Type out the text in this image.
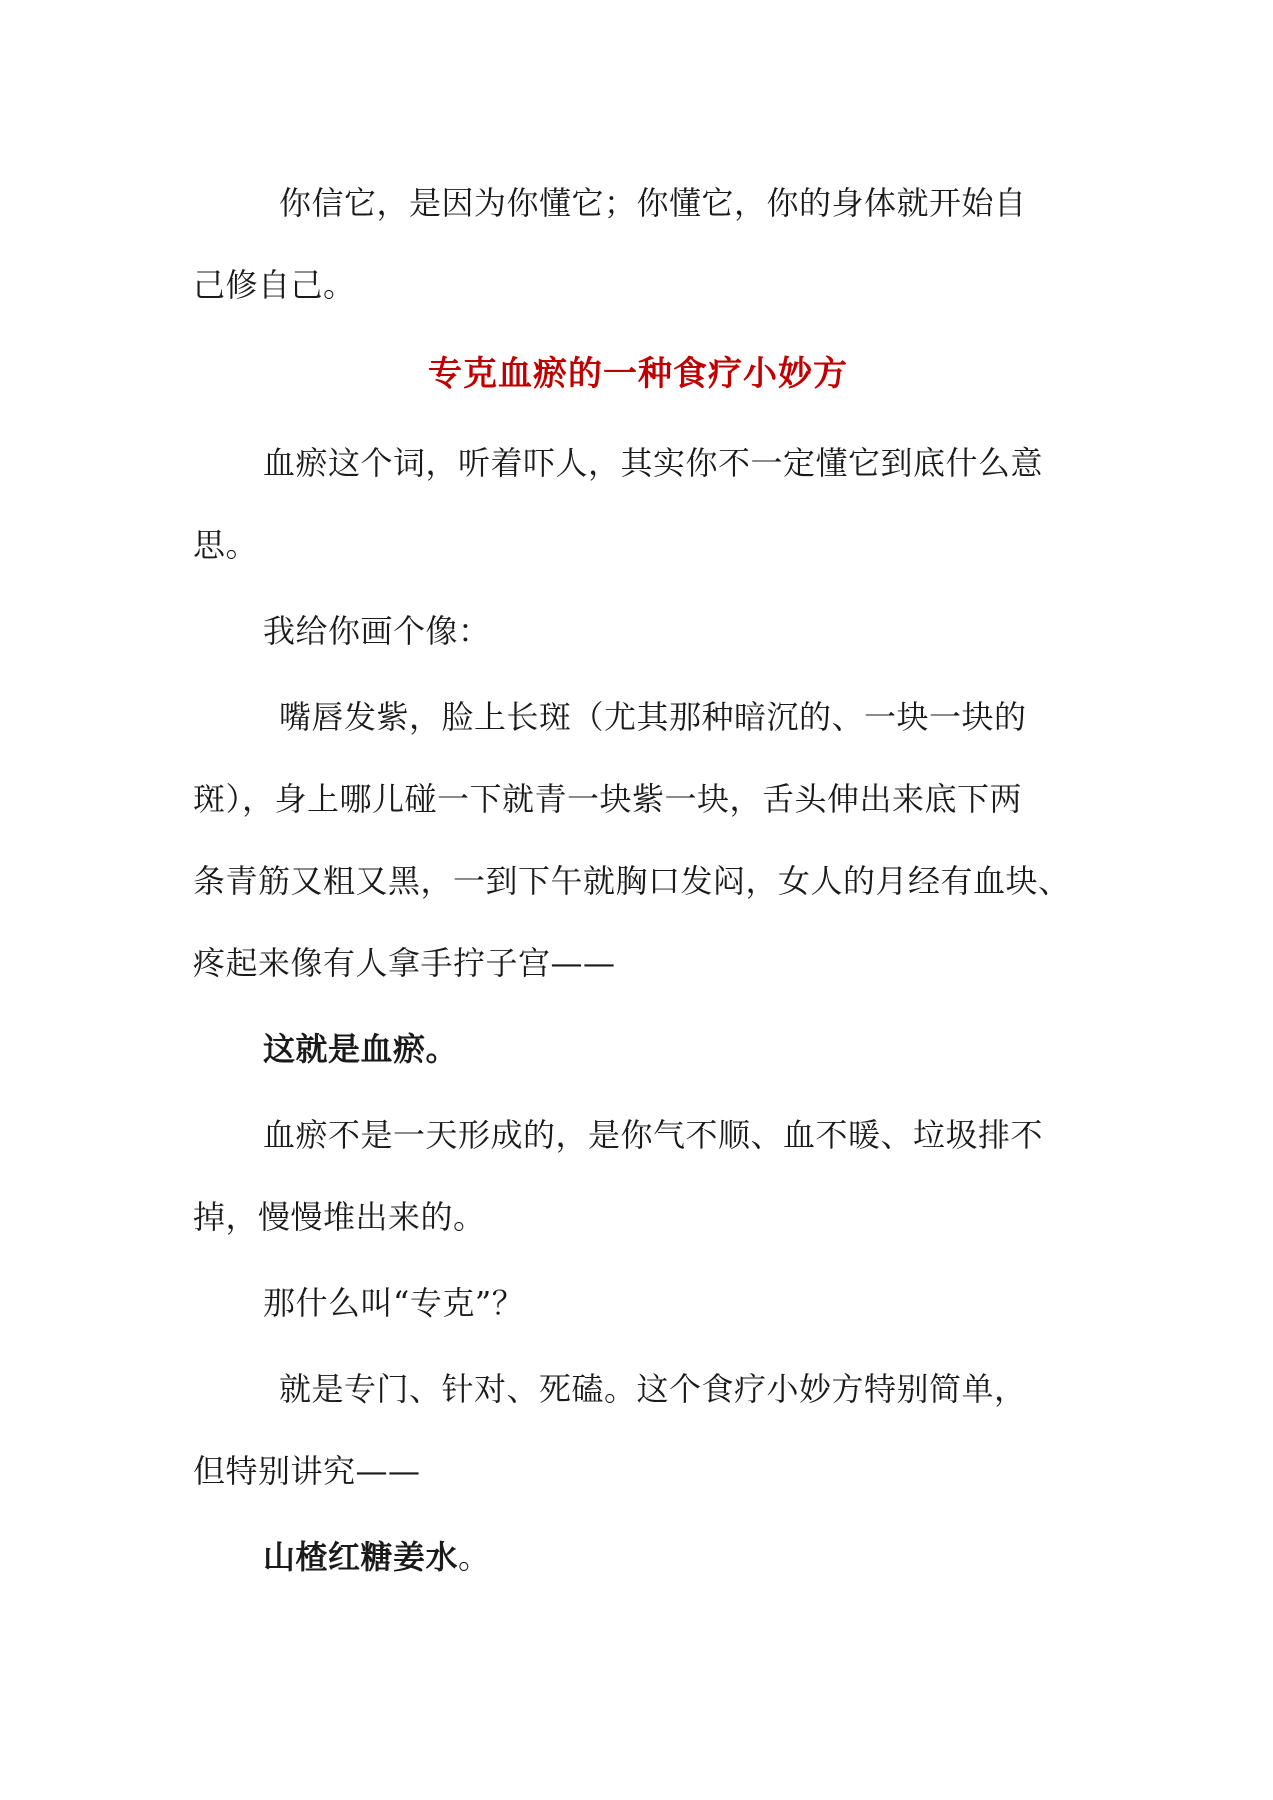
你信它，是因为你懂它；你懂它，你的身体就开始自

己修自己。

专克血瘀的一种食疗小妙方

血瘀这个词，听着吓人，其实你不一定懂它到底什么意

思。

我给你画个像：

嘴唇发紫，脸上长斑（尤其那种暗沉的、一块一块的

斑），身上哪儿碰一下就青一块紫一块，舌头伸出来底下两

条青筋又粗又黑，一到下午就胸口发闷，女人的月经有血块、

疼起来像有人拿手拧子宫——

这就是血瘀。

血瘀不是一天形成的，是你气不顺、血不暖、垃圾排不

掉，慢慢堆出来的。

那什么叫“专克”？

就是专门、针对、死磕。这个食疗小妙方特别简单，

但特别讲究——

山楂红糖姜水。
